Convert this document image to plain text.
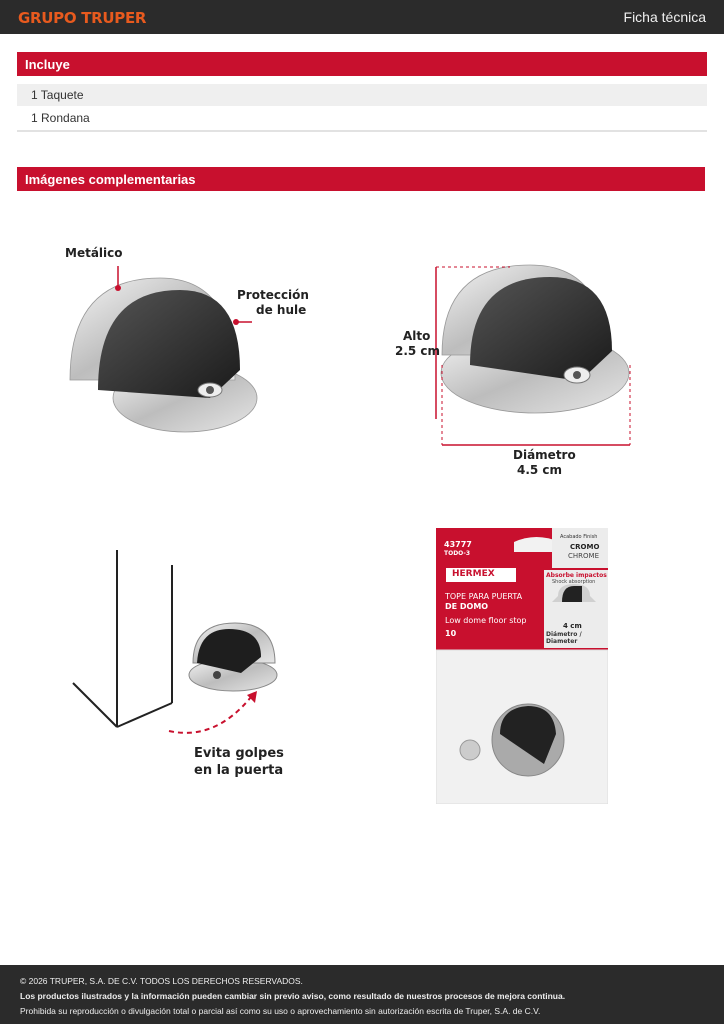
GRUPO TRUPER	Ficha técnica
Incluye
1 Taquete
1 Rondana
Imágenes complementarias
Metálico
Protección
de hule
Alto
2.5 cm
Diámetro
4.5 cm
Evita golpes
en la puerta
43777
TODO-3
HERMEX
TOPE PARA PUERTA
DE DOMO
Low dome floor stop
10
Acabado Finish
CROMO
CHROME
Absorbe impactos
Shock absorption
4 cm
Diámetro / Diameter
© 2026 TRUPER, S.A. DE C.V. TODOS LOS DERECHOS RESERVADOS.
Los productos ilustrados y la información pueden cambiar sin previo aviso, como resultado de nuestros procesos de mejora continua.
Prohibida su reproducción o divulgación total o parcial así como su uso o aprovechamiento sin autorización escrita de Truper, S.A. de C.V.
